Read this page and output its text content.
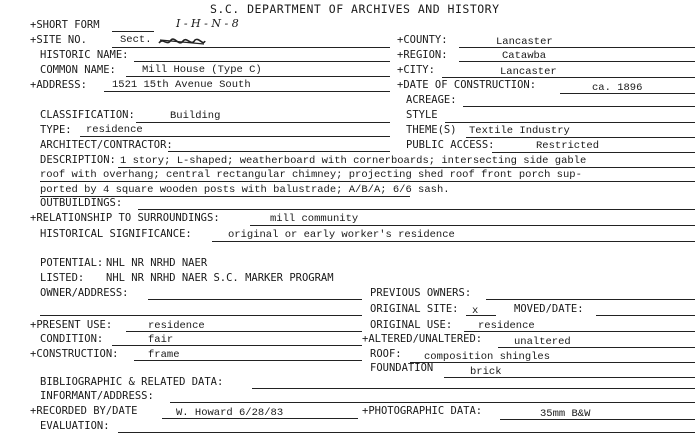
S.C. DEPARTMENT OF ARCHIVES AND HISTORY
+SHORT FORM	I - H - N - 8
+SITE NO.	Sect.	+COUNTY:	Lancaster
HISTORIC NAME:	+REGION:	Catawba
COMMON NAME: Mill House (Type C)	+CITY:	Lancaster
+ADDRESS: 1521 15th Avenue South	+DATE OF CONSTRUCTION:	ca. 1896
ACREAGE:
CLASSIFICATION:	Building	STYLE
TYPE: residence	THEME(S) Textile Industry
ARCHITECT/CONTRACTOR:	PUBLIC ACCESS:	Restricted
DESCRIPTION: 1 story; L-shaped; weatherboard with cornerboards; intersecting side gable
roof with overhang; central rectangular chimney; projecting shed roof front porch sup-
ported by 4 square wooden posts with balustrade; A/B/A; 6/6 sash.
OUTBUILDINGS:
+RELATIONSHIP TO SURROUNDINGS:	mill community
HISTORICAL SIGNIFICANCE:	original or early worker's residence
POTENTIAL: NHL NR NRHD NAER
LISTED: NHL NR NRHD NAER S.C. MARKER PROGRAM
OWNER/ADDRESS:	PREVIOUS OWNERS:
ORIGINAL SITE: x	MOVED/DATE:
+PRESENT USE:	residence	ORIGINAL USE: residence
CONDITION:	fair	+ALTERED/UNALTERED:	unaltered
+CONSTRUCTION:	frame	ROOF: composition shingles
FOUNDATION	brick
BIBLIOGRAPHIC & RELATED DATA:
INFORMANT/ADDRESS:
+RECORDED BY/DATE	W. Howard 6/28/83	+PHOTOGRAPHIC DATA:	35mm B&W
EVALUATION:
